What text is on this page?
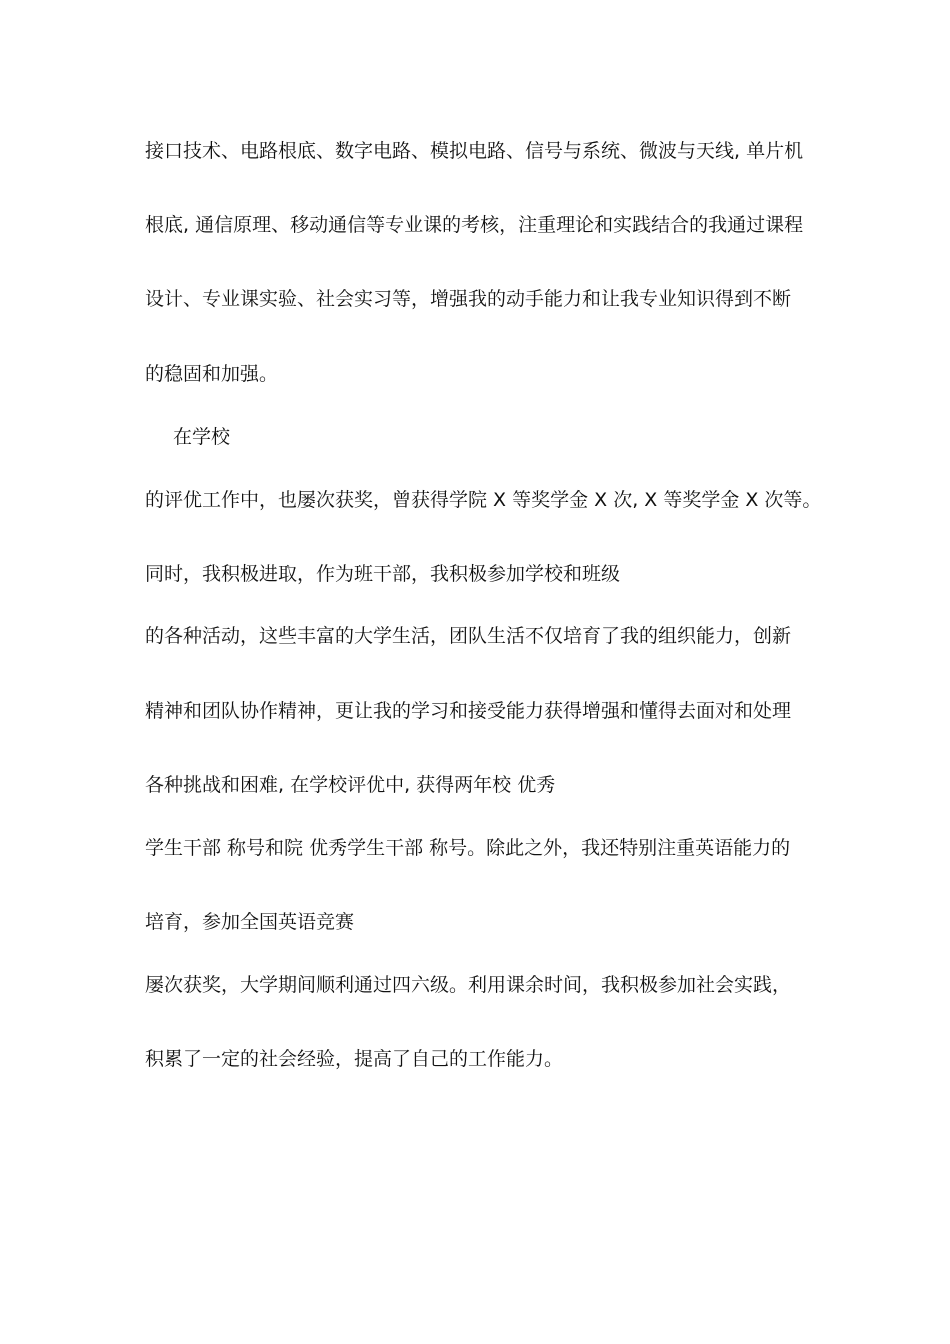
接口技术、电路根底、数字电路、模拟电路、信号与系统、微波与天线, 单片机
根底, 通信原理、移动通信等专业课的考核，注重理论和实践结合的我通过课程
设计、专业课实验、社会实习等，增强我的动手能力和让我专业知识得到不断
的稳固和加强。
在学校
的评优工作中，也屡次获奖，曾获得学院 X 等奖学金 X 次, X 等奖学金 X 次等。
同时，我积极进取，作为班干部，我积极参加学校和班级
的各种活动，这些丰富的大学生活，团队生活不仅培育了我的组织能力，创新
精神和团队协作精神，更让我的学习和接受能力获得增强和懂得去面对和处理
各种挑战和困难, 在学校评优中, 获得两年校 优秀
学生干部 称号和院 优秀学生干部 称号。除此之外，我还特别注重英语能力的
培育，参加全国英语竞赛
屡次获奖，大学期间顺利通过四六级。利用课余时间，我积极参加社会实践，
积累了一定的社会经验，提高了自己的工作能力。
